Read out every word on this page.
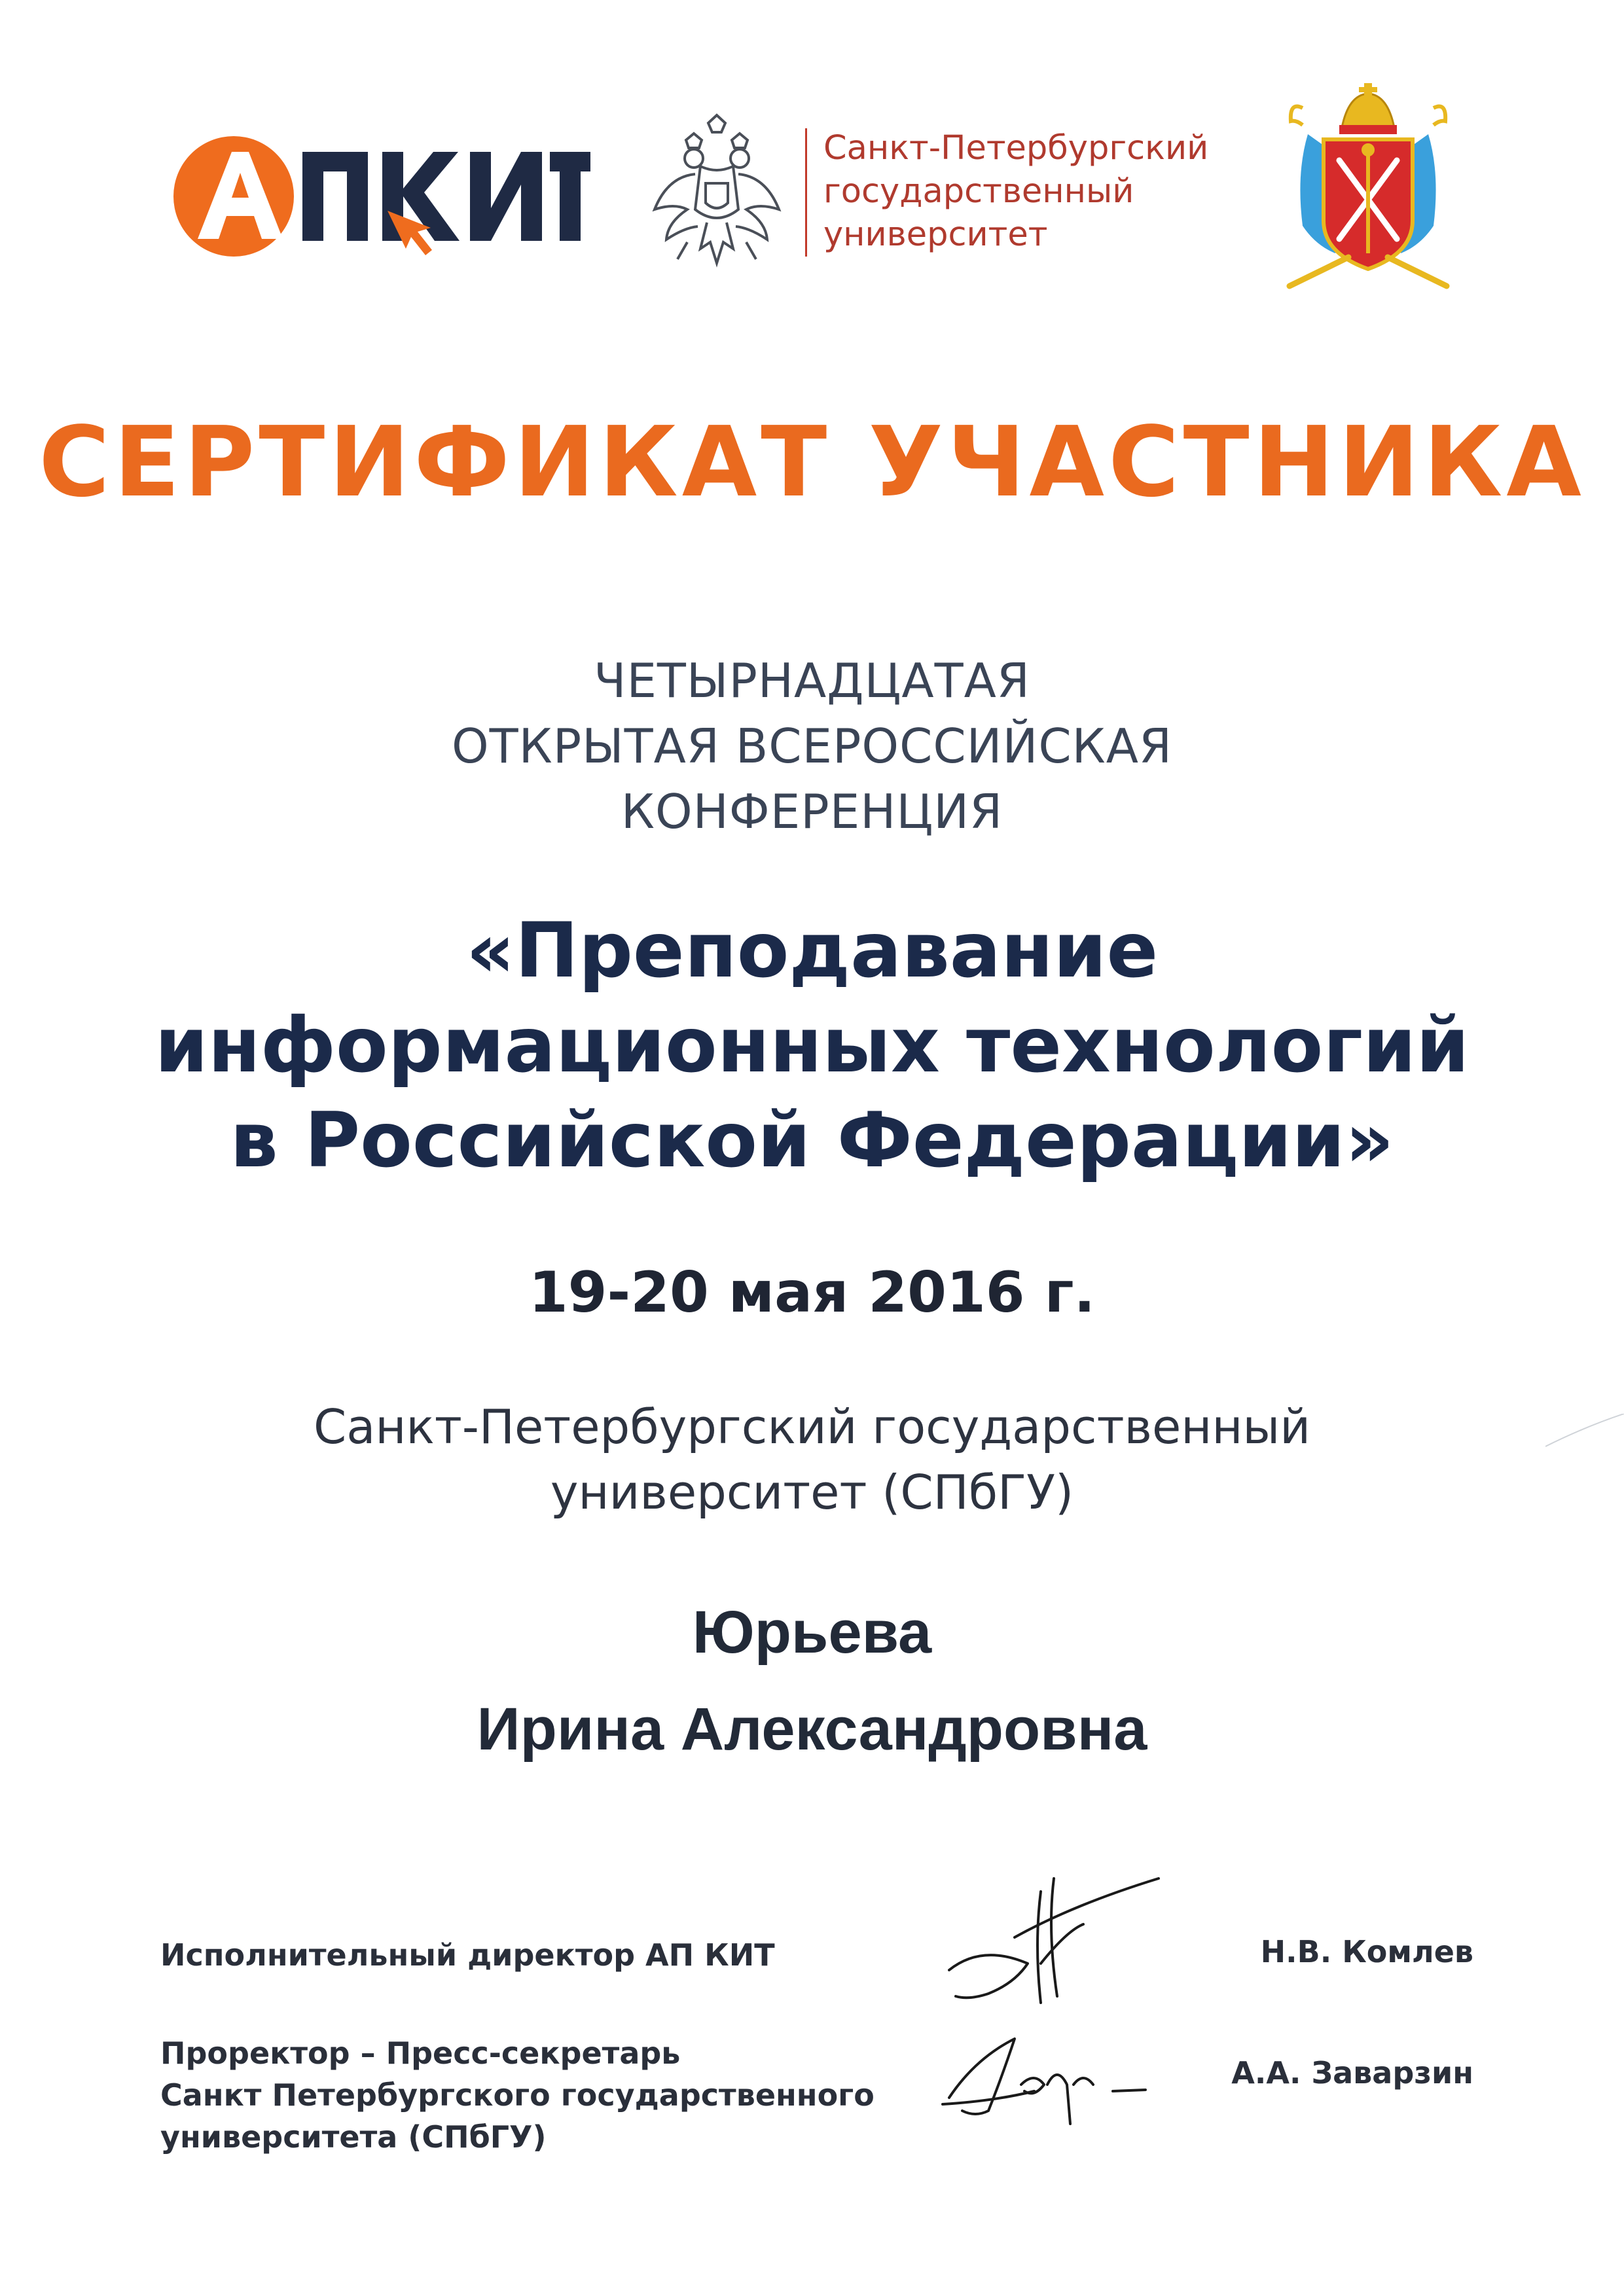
Санкт-Петербургский
государственный
университет
СЕРТИФИКАТ УЧАСТНИКА
ЧЕТЫРНАДЦАТАЯ
ОТКРЫТАЯ ВСЕРОССИЙСКАЯ
КОНФЕРЕНЦИЯ
«Преподавание
информационных технологий
в Российской Федерации»
19-20 мая 2016 г.
Санкт-Петербургский государственный
университет (СПбГУ)
Юрьева
Ирина Александровна
Исполнительный директор АП КИТ	Н.В. Комлев
Проректор – Пресс-секретарь
Санкт Петербургского государственного
университета (СПбГУ)
А.А. Заварзин
